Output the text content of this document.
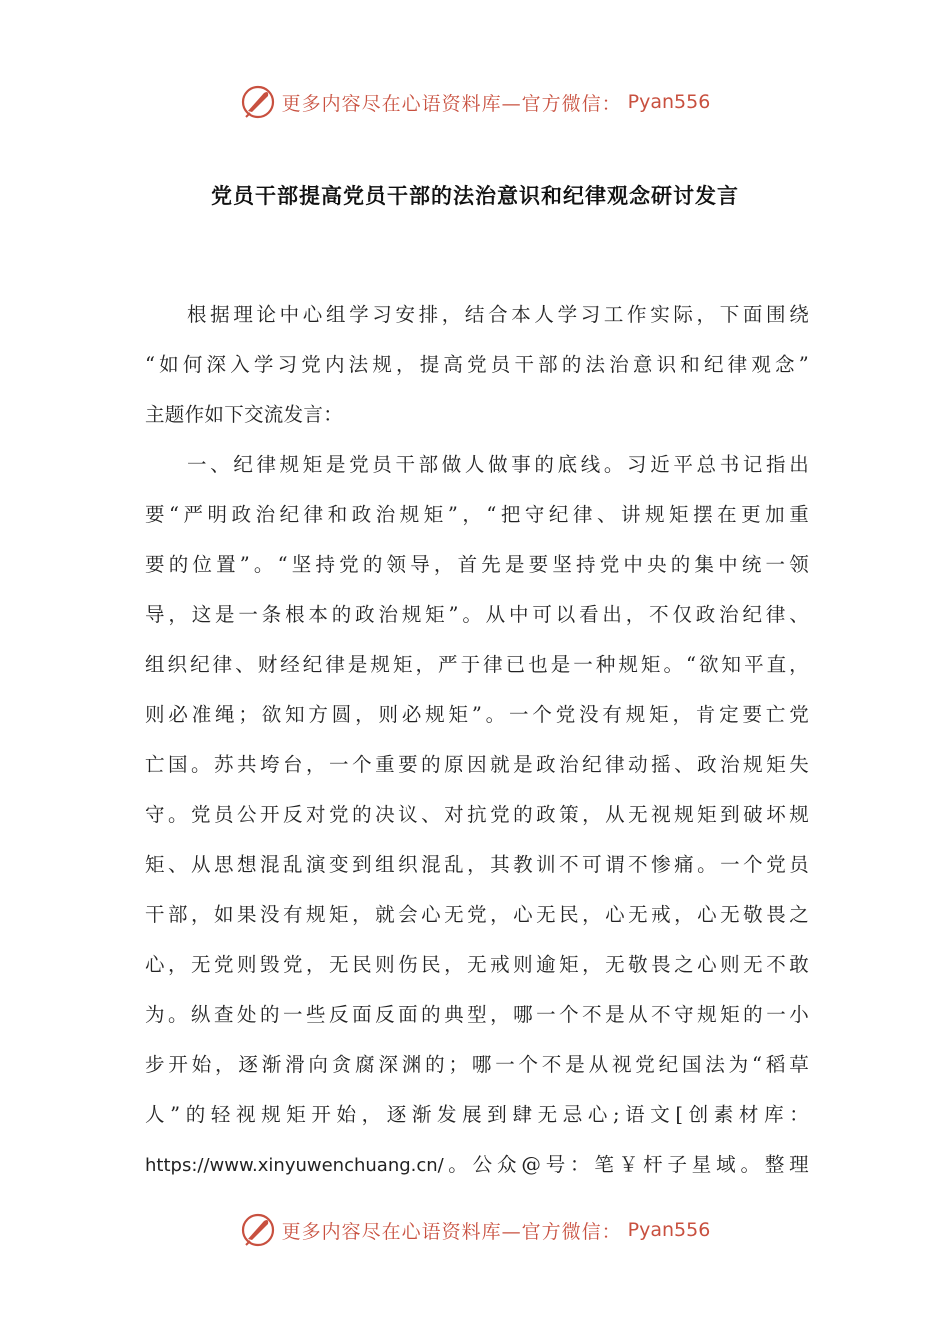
更多内容尽在心语资料库—官方微信： Pyan556
党员干部提高党员干部的法治意识和纪律观念研讨发言
根据理论中心组学习安排，结合本人学习工作实际，下面围绕
“如何深入学习党内法规，提高党员干部的法治意识和纪律观念”
主题作如下交流发言：
一、纪律规矩是党员干部做人做事的底线。习近平总书记指出
要“严明政治纪律和政治规矩”，“把守纪律、讲规矩摆在更加重
要的位置”。“坚持党的领导，首先是要坚持党中央的集中统一领
导，这是一条根本的政治规矩”。从中可以看出，不仅政治纪律、
组织纪律、财经纪律是规矩，严于律已也是一种规矩。“欲知平直，
则必准绳；欲知方圆，则必规矩”。一个党没有规矩，肯定要亡党
亡国。苏共垮台，一个重要的原因就是政治纪律动摇、政治规矩失
守。党员公开反对党的决议、对抗党的政策，从无视规矩到破坏规
矩、从思想混乱演变到组织混乱，其教训不可谓不惨痛。一个党员
干部，如果没有规矩，就会心无党，心无民，心无戒，心无敬畏之
心，无党则毁党，无民则伤民，无戒则逾矩，无敬畏之心则无不敢
为。纵查处的一些反面反面的典型，哪一个不是从不守规矩的一小
步开始，逐渐滑向贪腐深渊的；哪一个不是从视党纪国法为“稻草
人”的轻视规矩开始，逐渐发展到肆无忌心;语文[创素材库：
https://www.xinyuwenchuang.cn/。公众@号：笔￥杆子星域。整理
更多内容尽在心语资料库—官方微信： Pyan556
